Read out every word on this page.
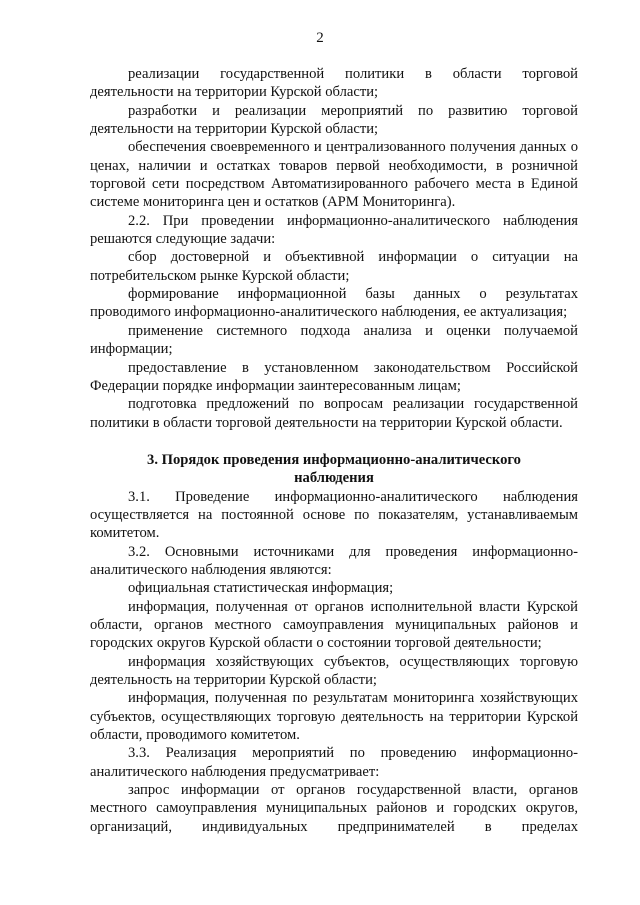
2

реализации государственной политики в области торговой деятельности на территории Курской области;

разработки и реализации мероприятий по развитию торговой деятельности на территории Курской области;

обеспечения своевременного и централизованного получения данных о ценах, наличии и остатках товаров первой необходимости, в розничной торговой сети посредством Автоматизированного рабочего места в Единой системе мониторинга цен и остатков (АРМ Мониторинга).

2.2. При проведении информационно-аналитического наблюдения решаются следующие задачи:

сбор достоверной и объективной информации о ситуации на потребительском рынке Курской области;

формирование информационной базы данных о результатах проводимого информационно-аналитического наблюдения, ее актуализация;

применение системного подхода анализа и оценки получаемой информации;

предоставление в установленном законодательством Российской Федерации порядке информации заинтересованным лицам;

подготовка предложений по вопросам реализации государственной политики в области торговой деятельности на территории Курской области.

3. Порядок проведения информационно-аналитического наблюдения

3.1. Проведение информационно-аналитического наблюдения осуществляется на постоянной основе по показателям, устанавливаемым комитетом.

3.2. Основными источниками для проведения информационно-аналитического наблюдения являются:

официальная статистическая информация;

информация, полученная от органов исполнительной власти Курской области, органов местного самоуправления муниципальных районов и городских округов Курской области о состоянии торговой деятельности;

информация хозяйствующих субъектов, осуществляющих торговую деятельность на территории Курской области;

информация, полученная по результатам мониторинга хозяйствующих субъектов, осуществляющих торговую деятельность на территории Курской области, проводимого комитетом.

3.3. Реализация мероприятий по проведению информационно-аналитического наблюдения предусматривает:

запрос информации от органов государственной власти, органов местного самоуправления муниципальных районов и городских округов, организаций, индивидуальных предпринимателей в пределах
